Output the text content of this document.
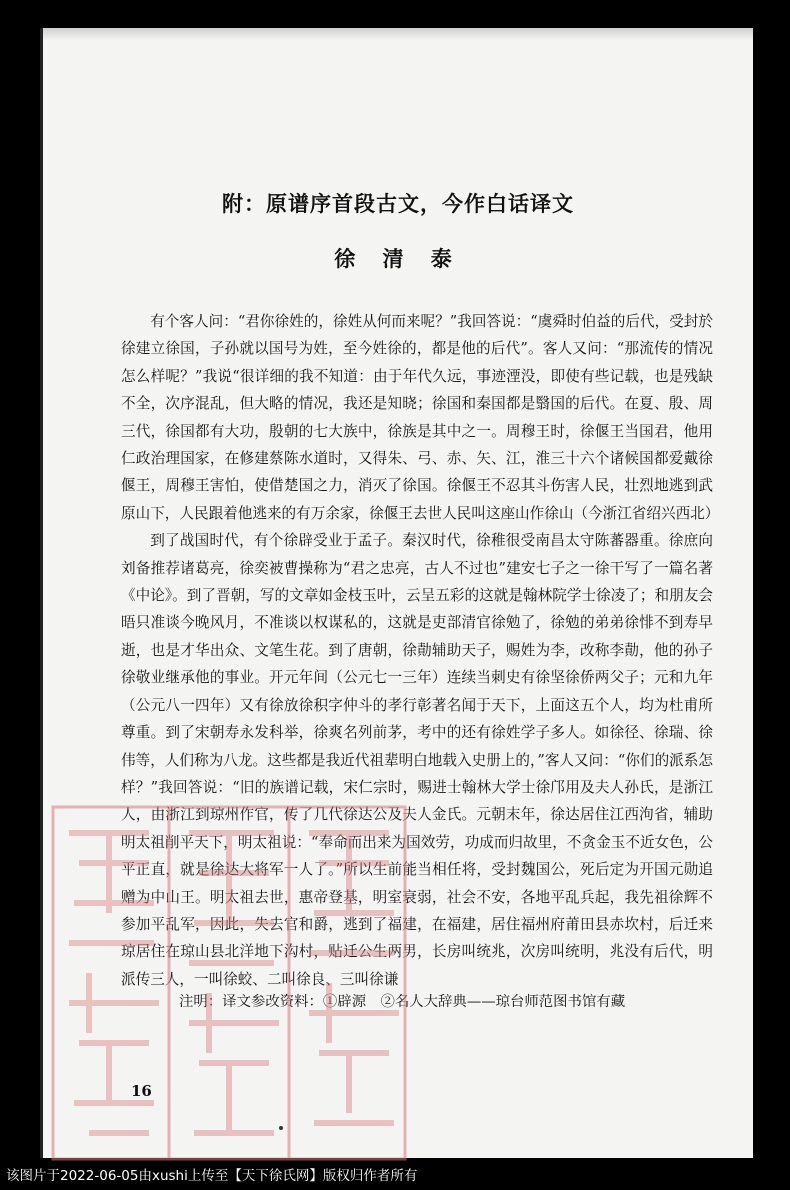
附：原谱序首段古文，今作白话译文
徐 清 泰

有个客人问：“君你徐姓的，徐姓从何而来呢？”我回答说：“虞舜时伯益的后代，受封於徐建立徐国，子孙就以国号为姓，至今姓徐的，都是他的后代”。客人又问：“那流传的情况怎么样呢？”我说“很详细的我不知道：由于年代久远，事迹湮没，即使有些记载，也是残缺不全，次序混乱，但大略的情况，我还是知晓；徐国和秦国都是翳国的后代。在夏、殷、周三代，徐国都有大功，殷朝的七大族中，徐族是其中之一。周穆王时，徐偃王当国君，他用仁政治理国家，在修建蔡陈水道时，又得朱、弓、赤、矢、江，淮三十六个诸候国都爱戴徐偃王，周穆王害怕，使借楚国之力，消灭了徐国。徐偃王不忍其斗伤害人民，壮烈地逃到武原山下，人民跟着他逃来的有万余家，徐偃王去世人民叫这座山作徐山（今浙江省绍兴西北）

到了战国时代，有个徐辟受业于孟子。秦汉时代，徐稚很受南昌太守陈蕃器重。徐庶向刘备推荐诸葛亮，徐奕被曹操称为“君之忠亮，古人不过也”建安七子之一徐干写了一篇名著《中论》。到了晋朝，写的文章如金枝玉叶，云呈五彩的这就是翰林院学士徐凌了；和朋友会晤只准谈今晚风月，不准谈以权谋私的，这就是吏部清官徐勉了，徐勉的弟弟徐悱不到寿早逝，也是才华出众、文笔生花。到了唐朝，徐勣辅助天子，赐姓为李，改称李勣，他的孙子徐敬业继承他的事业。开元年间（公元七一三年）连续当刺史有徐坚徐侨两父子；元和九年（公元八一四年）又有徐放徐积字仲斗的孝行彰著名闻于天下，上面这五个人，均为杜甫所尊重。到了宋朝寿永发科举，徐爽名列前茅，考中的还有徐姓学子多人。如徐径、徐瑞、徐伟等，人们称为八龙。这些都是我近代祖辈明白地载入史册上的，”客人又问：“你们的派系怎样？”我回答说：“旧的族谱记载，宋仁宗时，赐进士翰林大学士徐邝用及夫人孙氏，是浙江人，由浙江到琼州作官，传了几代徐达公及夫人金氏。元朝末年，徐达居住江西泃省，辅助明太祖削平天下，明太祖说：“奉命而出来为国效劳，功成而归故里，不贪金玉不近女色，公平正直，就是徐达大将军一人了。”所以生前能当相任将，受封魏国公，死后定为开国元勋追赠为中山王。明太祖去世，惠帝登基，明室衰弱，社会不安，各地平乱兵起，我先祖徐辉不参加平乱军，因此，失去官和爵，逃到了福建，在福建，居住福州府莆田县赤坎村，后迁来琼居住在琼山县北洋地下沟村，贴迁公生两男，长房叫统兆，次房叫统明，兆没有后代，明派传三人，一叫徐蛟、二叫徐良、三叫徐谦

注明：译文参改资料：①辟源　②名人大辞典——琼台师范图书馆有藏
16
该图片于2022-06-05由xushi上传至【天下徐氏网】版权归作者所有
